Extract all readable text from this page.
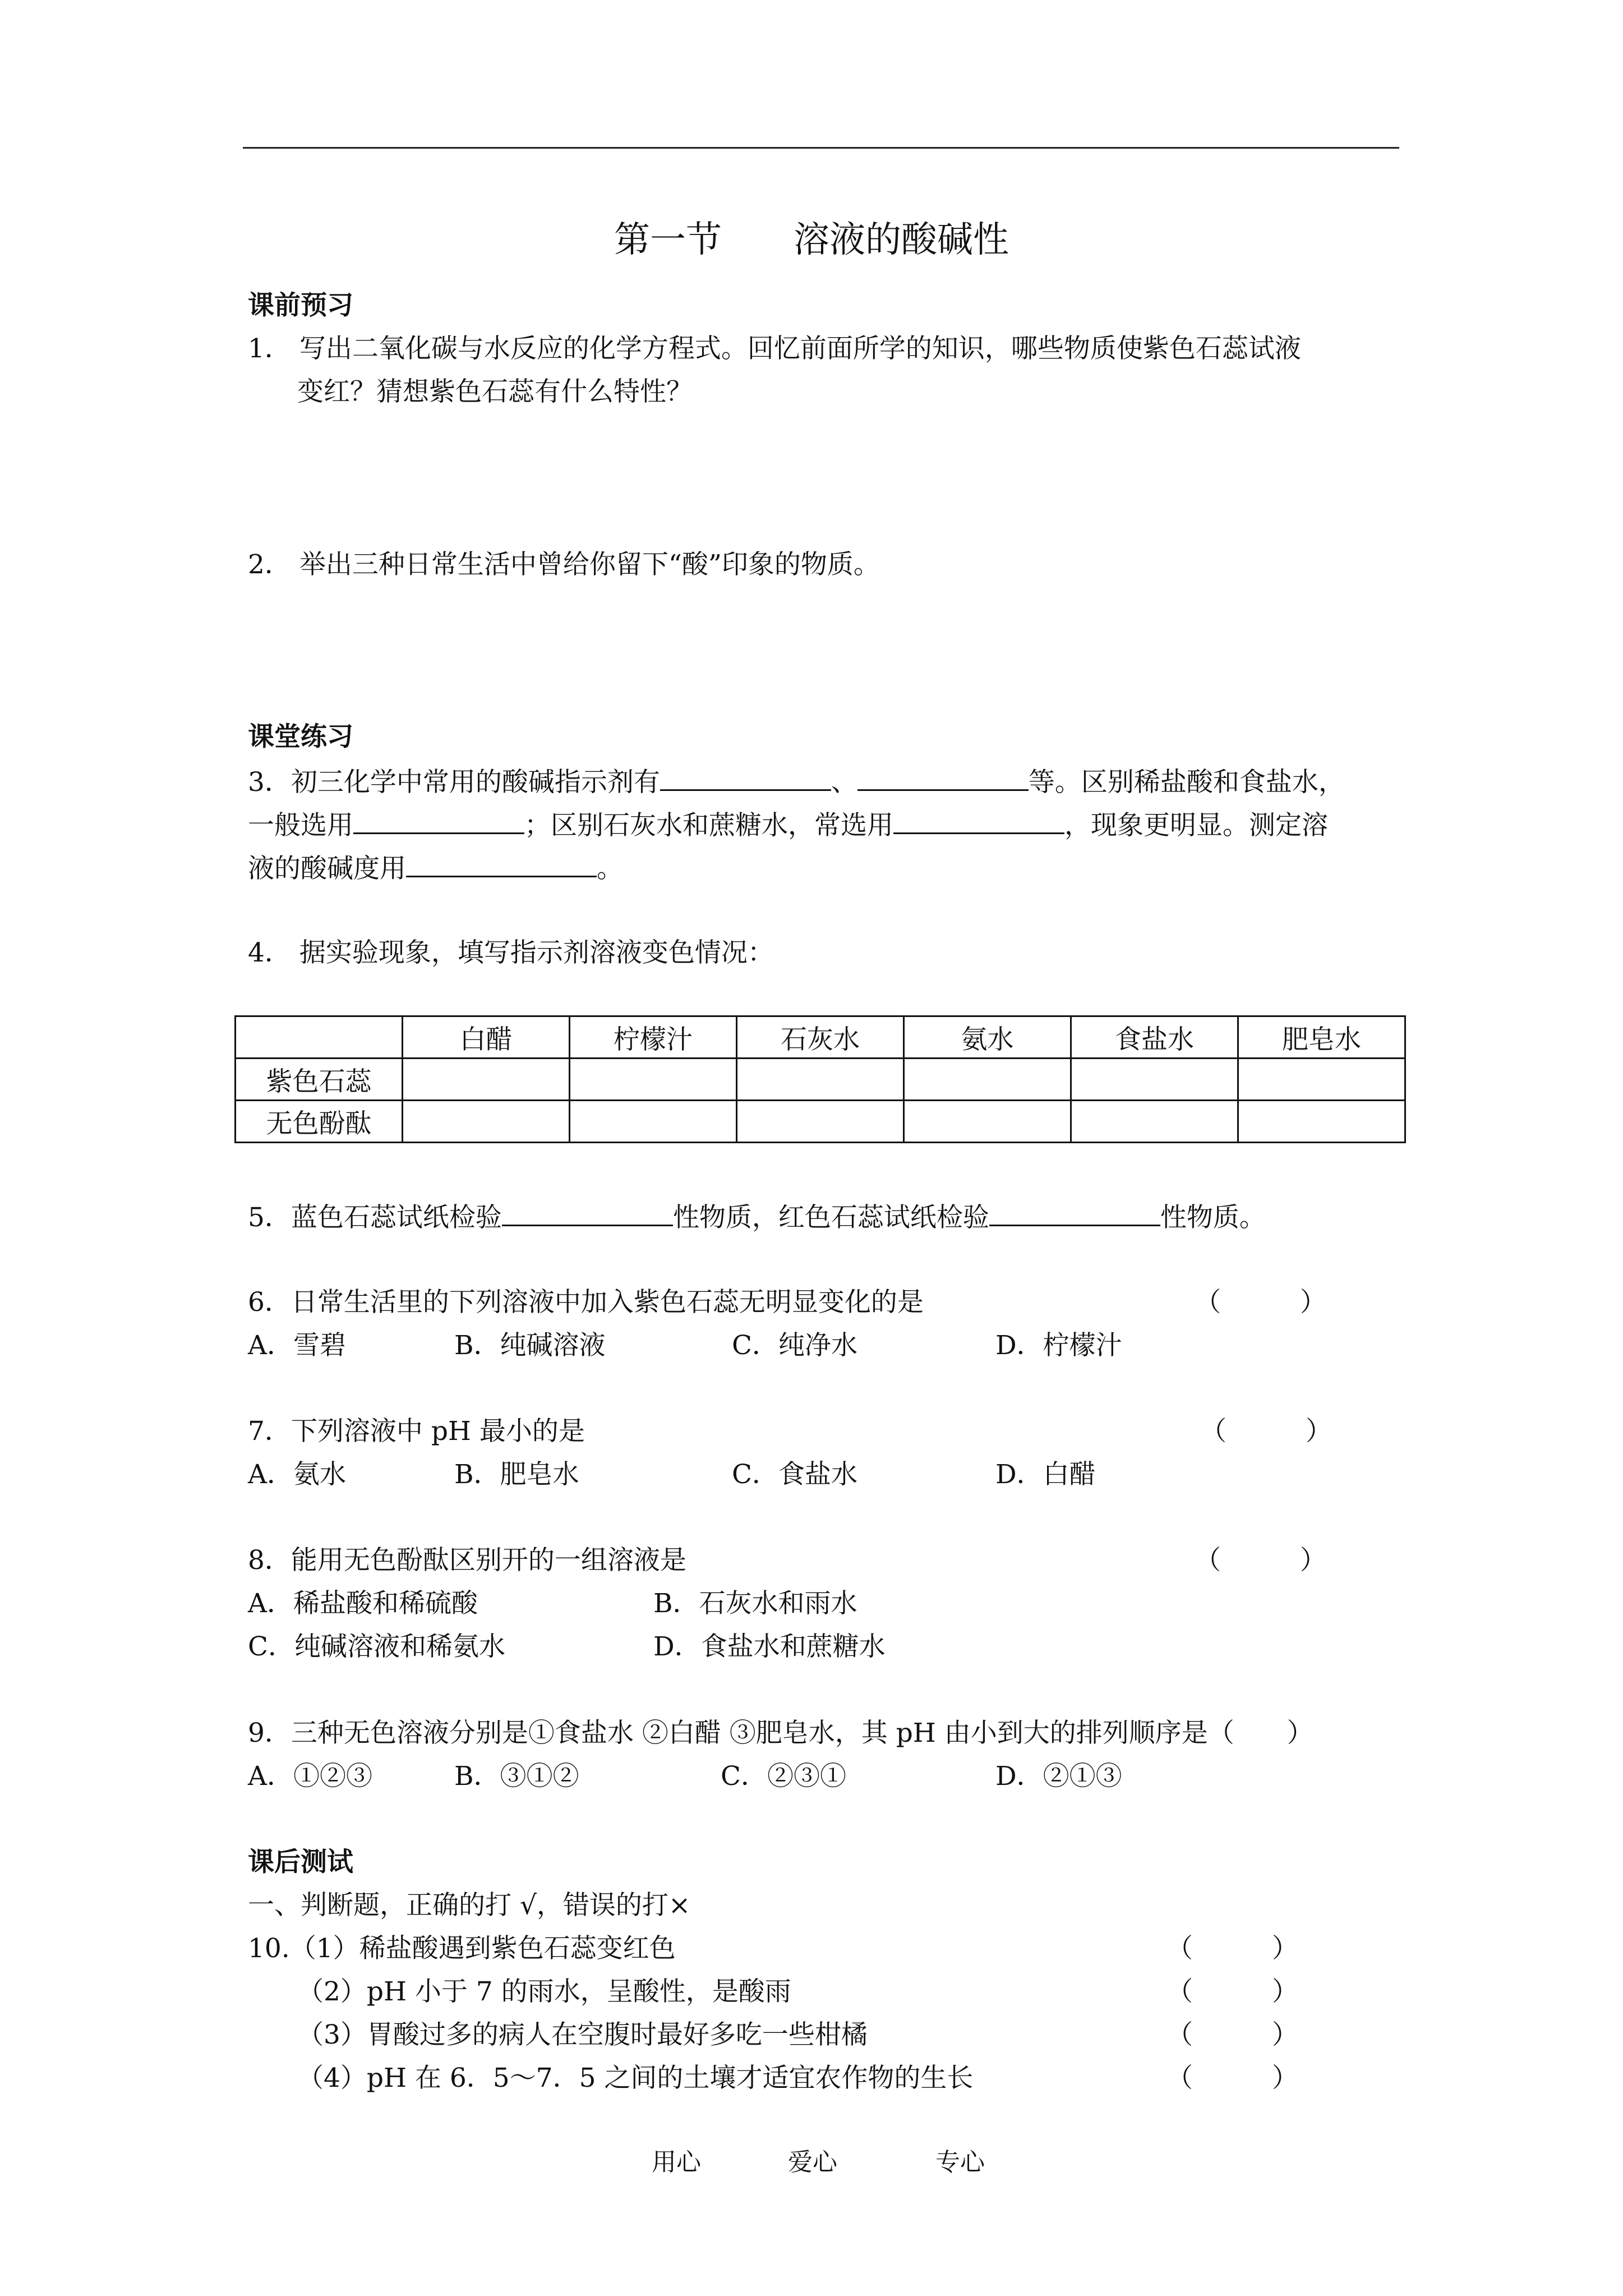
第一节　　溶液的酸碱性
课前预习
1． 写出二氧化碳与水反应的化学方程式。回忆前面所学的知识，哪些物质使紫色石蕊试液
变红？猜想紫色石蕊有什么特性？
2． 举出三种日常生活中曾给你留下“酸”印象的物质。
课堂练习
3．初三化学中常用的酸碱指示剂有	、	等。区别稀盐酸和食盐水，
一般选用	；区别石灰水和蔗糖水，常选用	，现象更明显。测定溶
液的酸碱度用	。
4． 据实验现象，填写指示剂溶液变色情况：
	白醋	柠檬汁	石灰水	氨水	食盐水	肥皂水
紫色石蕊						
无色酚酞						
5．蓝色石蕊试纸检验	性物质，红色石蕊试纸检验	性物质。
6．日常生活里的下列溶液中加入紫色石蕊无明显变化的是	（　　　）
A．雪碧	B．纯碱溶液	C．纯净水	D．柠檬汁
7．下列溶液中 pH 最小的是	（　　　）
A．氨水	B．肥皂水	C．食盐水	D．白醋
8．能用无色酚酞区别开的一组溶液是	（　　　）
A．稀盐酸和稀硫酸	B．石灰水和雨水
C．纯碱溶液和稀氨水	D．食盐水和蔗糖水
9．三种无色溶液分别是①食盐水 ②白醋 ③肥皂水，其 pH 由小到大的排列顺序是（　　）
A．①②③	B．③①②	C．②③①	D．②①③
课后测试
一、判断题，正确的打 √，错误的打×
10.（1）稀盐酸遇到紫色石蕊变红色	（　　　）
（2）pH 小于 7 的雨水，呈酸性，是酸雨	（　　　）
（3）胃酸过多的病人在空腹时最好多吃一些柑橘	（　　　）
（4）pH 在 6．5～7．5 之间的土壤才适宜农作物的生长	（　　　）
用心	爱心	专心
